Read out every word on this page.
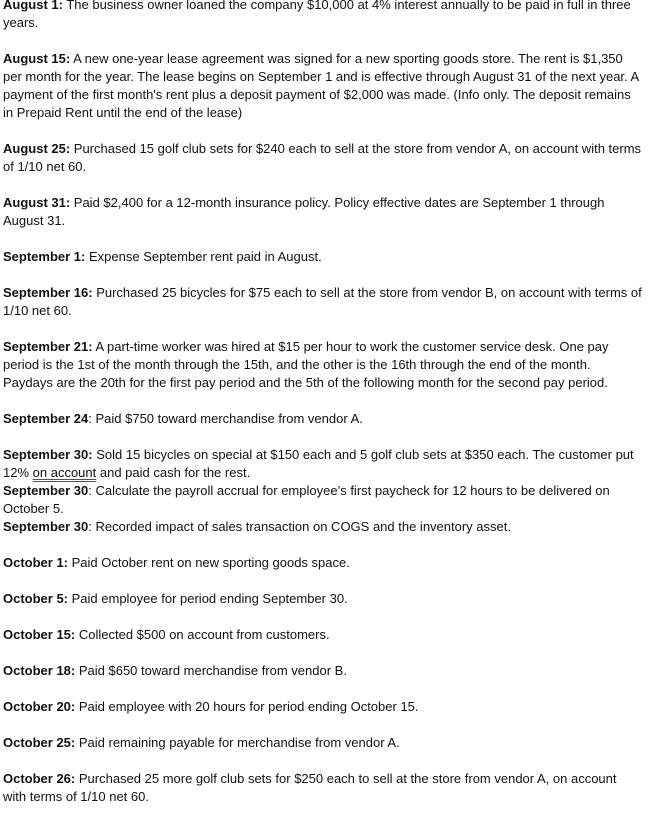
August 1: The business owner loaned the company $10,000 at 4% interest annually to be paid in full in three years.

August 15: A new one-year lease agreement was signed for a new sporting goods store. The rent is $1,350 per month for the year. The lease begins on September 1 and is effective through August 31 of the next year. A payment of the first month's rent plus a deposit payment of $2,000 was made. (Info only. The deposit remains in Prepaid Rent until the end of the lease)

August 25: Purchased 15 golf club sets for $240 each to sell at the store from vendor A, on account with terms of 1/10 net 60.

August 31: Paid $2,400 for a 12-month insurance policy. Policy effective dates are September 1 through August 31.

September 1: Expense September rent paid in August.

September 16: Purchased 25 bicycles for $75 each to sell at the store from vendor B, on account with terms of 1/10 net 60.

September 21: A part-time worker was hired at $15 per hour to work the customer service desk. One pay period is the 1st of the month through the 15th, and the other is the 16th through the end of the month. Paydays are the 20th for the first pay period and the 5th of the following month for the second pay period.

September 24: Paid $750 toward merchandise from vendor A.

September 30: Sold 15 bicycles on special at $150 each and 5 golf club sets at $350 each. The customer put 12% on account and paid cash for the rest.

September 30: Calculate the payroll accrual for employee’s first paycheck for 12 hours to be delivered on October 5.

September 30: Recorded impact of sales transaction on COGS and the inventory asset.

October 1: Paid October rent on new sporting goods space.

October 5: Paid employee for period ending September 30.

October 15: Collected $500 on account from customers.

October 18: Paid $650 toward merchandise from vendor B.

October 20: Paid employee with 20 hours for period ending October 15.

October 25: Paid remaining payable for merchandise from vendor A.

October 26: Purchased 25 more golf club sets for $250 each to sell at the store from vendor A, on account with terms of 1/10 net 60.
